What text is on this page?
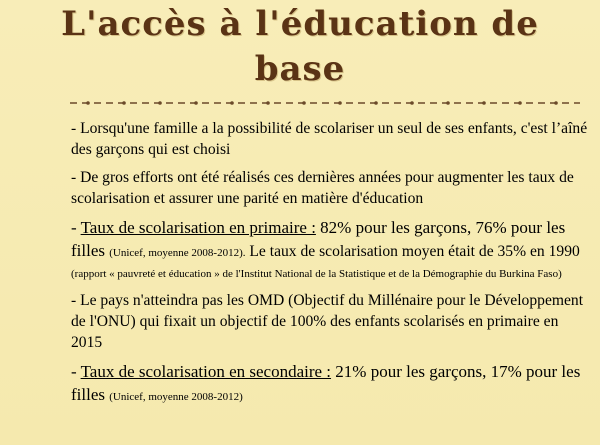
L'accès à l'éducation de
base

- Lorsqu'une famille a la possibilité de scolariser un seul de ses enfants, c'est l’aîné des garçons qui est choisi

- De gros efforts ont été réalisés ces dernières années pour augmenter les taux de scolarisation et assurer une parité en matière d'éducation

- Taux de scolarisation en primaire : 82% pour les garçons, 76% pour les filles (Unicef, moyenne 2008-2012). Le taux de scolarisation moyen était de 35% en 1990 (rapport « pauvreté et éducation » de l'Institut National de la Statistique et de la Démographie du Burkina Faso)

- Le pays n'atteindra pas les OMD (Objectif du Millénaire pour le Développement de l'ONU) qui fixait un objectif de 100% des enfants scolarisés en primaire en 2015

- Taux de scolarisation en secondaire : 21% pour les garçons, 17% pour les filles (Unicef, moyenne 2008-2012)
